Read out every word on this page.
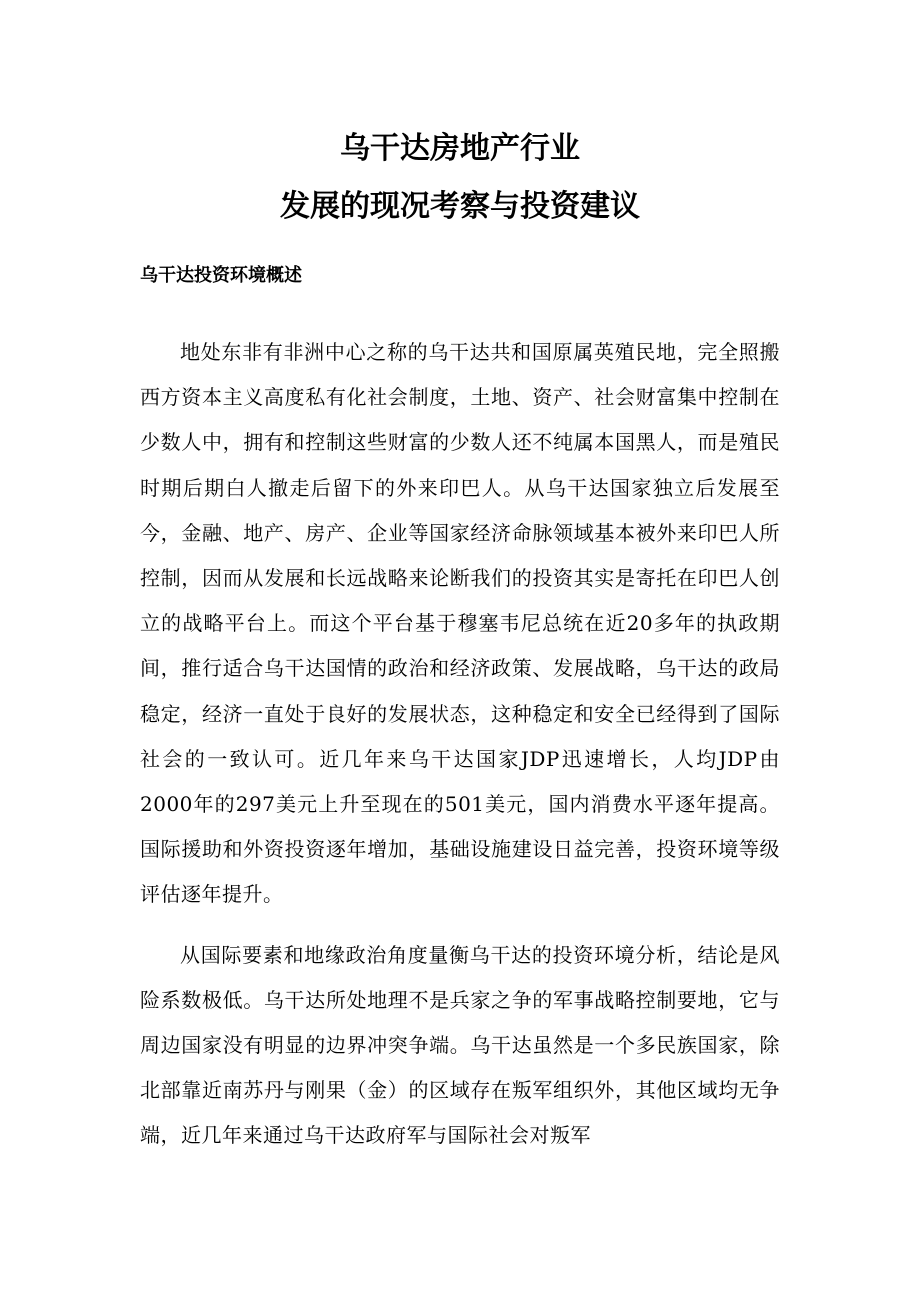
乌干达房地产行业
发展的现况考察与投资建议
乌干达投资环境概述

地处东非有非洲中心之称的乌干达共和国原属英殖民地，完全照搬西方资本主义高度私有化社会制度，土地、资产、社会财富集中控制在少数人中，拥有和控制这些财富的少数人还不纯属本国黑人，而是殖民时期后期白人撤走后留下的外来印巴人。从乌干达国家独立后发展至今，金融、地产、房产、企业等国家经济命脉领域基本被外来印巴人所控制，因而从发展和长远战略来论断我们的投资其实是寄托在印巴人创立的战略平台上。而这个平台基于穆塞韦尼总统在近20多年的执政期间，推行适合乌干达国情的政治和经济政策、发展战略，乌干达的政局稳定，经济一直处于良好的发展状态，这种稳定和安全已经得到了国际社会的一致认可。近几年来乌干达国家JDP迅速增长，人均JDP由2000年的297美元上升至现在的501美元，国内消费水平逐年提高。国际援助和外资投资逐年增加，基础设施建设日益完善，投资环境等级评估逐年提升。

从国际要素和地缘政治角度量衡乌干达的投资环境分析，结论是风险系数极低。乌干达所处地理不是兵家之争的军事战略控制要地，它与周边国家没有明显的边界冲突争端。乌干达虽然是一个多民族国家，除北部靠近南苏丹与刚果（金）的区域存在叛军组织外，其他区域均无争端，近几年来通过乌干达政府军与国际社会对叛军
